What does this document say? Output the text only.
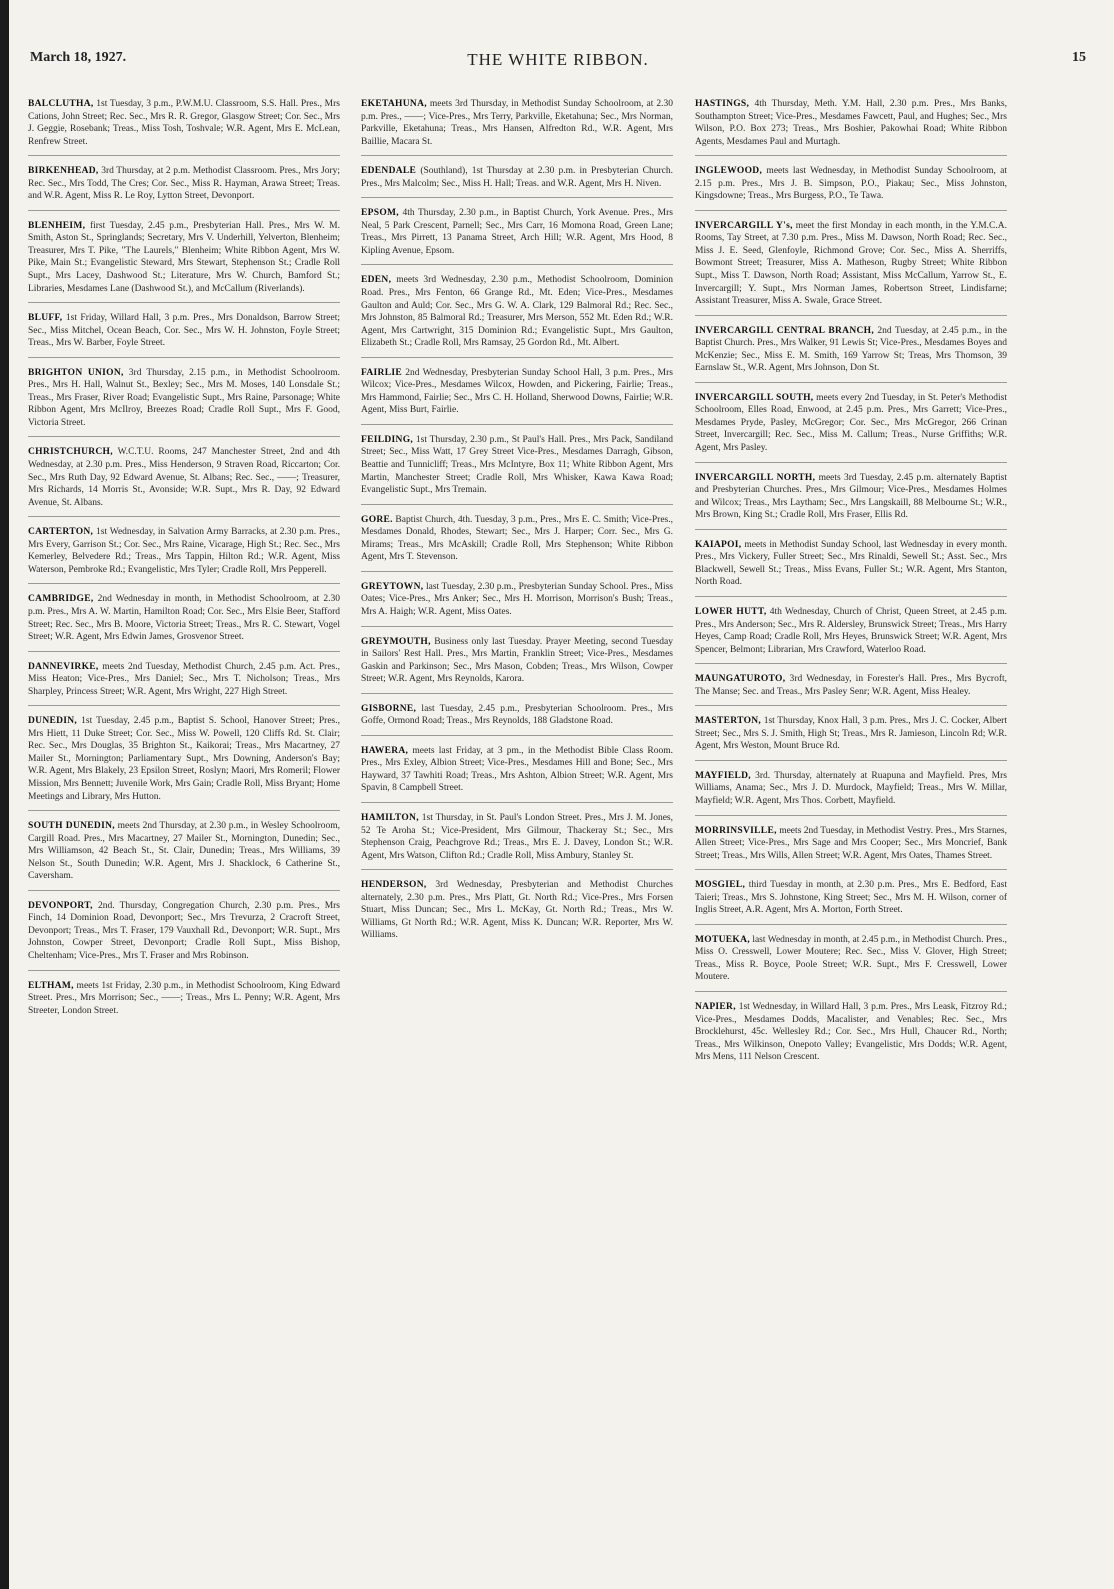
March 18, 1927.	THE WHITE RIBBON.	15
BALCLUTHA, 1st Tuesday, 3 p.m., P.W.M.U. Classroom, S.S. Hall. Pres., Mrs Cations, John Street; Rec. Sec., Mrs R. R. Gregor, Glasgow Street; Cor. Sec., Mrs J. Geggie, Rosebank; Treas., Miss Tosh, Toshvale; W.R. Agent, Mrs E. McLean, Renfrew Street.
BIRKENHEAD, 3rd Thursday, at 2 p.m. Methodist Classroom. Pres., Mrs Jory; Rec. Sec., Mrs Todd, The Cres; Cor. Sec., Miss R. Hayman, Arawa Street; Treas. and W.R. Agent, Miss R. Le Roy, Lytton Street, Devonport.
BLENHEIM, first Tuesday, 2.45 p.m., Presbyterian Hall. Pres., Mrs W. M. Smith, Aston St., Springlands; Secretary, Mrs V. Underhill, Yelverton, Blenheim; Treasurer, Mrs T. Pike, "The Laurels," Blenheim; White Ribbon Agent, Mrs W. Pike, Main St.; Evangelistic Steward, Mrs Stewart, Stephenson St.; Cradle Roll Supt., Mrs Lacey, Dashwood St.; Literature, Mrs W. Church, Bamford St.; Libraries, Mesdames Lane (Dashwood St.), and McCallum (Riverlands).
BLUFF, 1st Friday, Willard Hall, 3 p.m. Pres., Mrs Donaldson, Barrow Street; Sec., Miss Mitchel, Ocean Beach, Cor. Sec., Mrs W. H. Johnston, Foyle Street; Treas., Mrs W. Barber, Foyle Street.
BRIGHTON UNION, 3rd Thursday, 2.15 p.m., in Methodist Schoolroom. Pres., Mrs H. Hall, Walnut St., Bexley; Sec., Mrs M. Moses, 140 Lonsdale St.; Treas., Mrs Fraser, River Road; Evangelistic Supt., Mrs Raine, Parsonage; White Ribbon Agent, Mrs McIlroy, Breezes Road; Cradle Roll Supt., Mrs F. Good, Victoria Street.
CHRISTCHURCH, W.C.T.U. Rooms, 247 Manchester Street, 2nd and 4th Wednesday, at 2.30 p.m. Pres., Miss Henderson, 9 Straven Road, Riccarton; Cor. Sec., Mrs Ruth Day, 92 Edward Avenue, St. Albans; Rec. Sec., ——; Treasurer, Mrs Richards, 14 Morris St., Avonside; W.R. Supt., Mrs R. Day, 92 Edward Avenue, St. Albans.
CARTERTON, 1st Wednesday, in Salvation Army Barracks, at 2.30 p.m. Pres., Mrs Every, Garrison St.; Cor. Sec., Mrs Raine, Vicarage, High St.; Rec. Sec., Mrs Kemerley, Belvedere Rd.; Treas., Mrs Tappin, Hilton Rd.; W.R. Agent, Miss Waterson, Pembroke Rd.; Evangelistic, Mrs Tyler; Cradle Roll, Mrs Pepperell.
CAMBRIDGE, 2nd Wednesday in month, in Methodist Schoolroom, at 2.30 p.m. Pres., Mrs A. W. Martin, Hamilton Road; Cor. Sec., Mrs Elsie Beer, Stafford Street; Rec. Sec., Mrs B. Moore, Victoria Street; Treas., Mrs R. C. Stewart, Vogel Street; W.R. Agent, Mrs Edwin James, Grosvenor Street.
DANNEVIRKE, meets 2nd Tuesday, Methodist Church, 2.45 p.m. Act. Pres., Miss Heaton; Vice-Pres., Mrs Daniel; Sec., Mrs T. Nicholson; Treas., Mrs Sharpley, Princess Street; W.R. Agent, Mrs Wright, 227 High Street.
DUNEDIN, 1st Tuesday, 2.45 p.m., Baptist S. School, Hanover Street; Pres., Mrs Hiett, 11 Duke Street; Cor. Sec., Miss W. Powell, 120 Cliffs Rd. St. Clair; Rec. Sec., Mrs Douglas, 35 Brighton St., Kaikorai; Treas., Mrs Macartney, 27 Mailer St., Mornington; Parliamentary Supt., Mrs Downing, Anderson's Bay; W.R. Agent, Mrs Blakely, 23 Epsilon Street, Roslyn; Maori, Mrs Romeril; Flower Mission, Mrs Bennett; Juvenile Work, Mrs Gain; Cradle Roll, Miss Bryant; Home Meetings and Library, Mrs Hutton.
SOUTH DUNEDIN, meets 2nd Thursday, at 2.30 p.m., in Wesley Schoolroom, Cargill Road. Pres., Mrs Macartney, 27 Mailer St., Mornington, Dunedin; Sec., Mrs Williamson, 42 Beach St., St. Clair, Dunedin; Treas., Mrs Williams, 39 Nelson St., South Dunedin; W.R. Agent, Mrs J. Shacklock, 6 Catherine St., Caversham.
DEVONPORT, 2nd. Thursday, Congregation Church, 2.30 p.m. Pres., Mrs Finch, 14 Dominion Road, Devonport; Sec., Mrs Trevurza, 2 Cracroft Street, Devonport; Treas., Mrs T. Fraser, 179 Vauxhall Rd., Devonport; W.R. Supt., Mrs Johnston, Cowper Street, Devonport; Cradle Roll Supt., Miss Bishop, Cheltenham; Vice-Pres., Mrs T. Fraser and Mrs Robinson.
ELTHAM, meets 1st Friday, 2.30 p.m., in Methodist Schoolroom, King Edward Street. Pres., Mrs Morrison; Sec., ——; Treas., Mrs L. Penny; W.R. Agent, Mrs Streeter, London Street.
EKETAHUNA, meets 3rd Thursday, in Methodist Sunday Schoolroom, at 2.30 p.m. Pres., ——; Vice-Pres., Mrs Terry, Parkville, Eketahuna; Sec., Mrs Norman, Parkville, Eketahuna; Treas., Mrs Hansen, Alfredton Rd., W.R. Agent, Mrs Baillie, Macara St.
EDENDALE (Southland), 1st Thursday at 2.30 p.m. in Presbyterian Church. Pres., Mrs Malcolm; Sec., Miss H. Hall; Treas. and W.R. Agent, Mrs H. Niven.
EPSOM, 4th Thursday, 2.30 p.m., in Baptist Church, York Avenue. Pres., Mrs Neal, 5 Park Crescent, Parnell; Sec., Mrs Carr, 16 Momona Road, Green Lane; Treas., Mrs Pirrett, 13 Panama Street, Arch Hill; W.R. Agent, Mrs Hood, 8 Kipling Avenue, Epsom.
EDEN, meets 3rd Wednesday, 2.30 p.m., Methodist Schoolroom, Dominion Road. Pres., Mrs Fenton, 66 Grange Rd., Mt. Eden; Vice-Pres., Mesdames Gaulton and Auld; Cor. Sec., Mrs G. W. A. Clark, 129 Balmoral Rd.; Rec. Sec., Mrs Johnston, 85 Balmoral Rd.; Treasurer, Mrs Merson, 552 Mt. Eden Rd.; W.R. Agent, Mrs Cartwright, 315 Dominion Rd.; Evangelistic Supt., Mrs Gaulton, Elizabeth St.; Cradle Roll, Mrs Ramsay, 25 Gordon Rd., Mt. Albert.
FAIRLIE 2nd Wednesday, Presbyterian Sunday School Hall, 3 p.m. Pres., Mrs Wilcox; Vice-Pres., Mesdames Wilcox, Howden, and Pickering, Fairlie; Treas., Mrs Hammond, Fairlie; Sec., Mrs C. H. Holland, Sherwood Downs, Fairlie; W.R. Agent, Miss Burt, Fairlie.
FEILDING, 1st Thursday, 2.30 p.m., St Paul's Hall. Pres., Mrs Pack, Sandiland Street; Sec., Miss Watt, 17 Grey Street Vice-Pres., Mesdames Darragh, Gibson, Beattie and Tunnicliff; Treas., Mrs McIntyre, Box 11; White Ribbon Agent, Mrs Martin, Manchester Street; Cradle Roll, Mrs Whisker, Kawa Kawa Road; Evangelistic Supt., Mrs Tremain.
GORE. Baptist Church, 4th. Tuesday, 3 p.m., Pres., Mrs E. C. Smith; Vice-Pres., Mesdames Donald, Rhodes, Stewart; Sec., Mrs J. Harper; Corr. Sec., Mrs G. Mirams; Treas., Mrs McAskill; Cradle Roll, Mrs Stephenson; White Ribbon Agent, Mrs T. Stevenson.
GREYTOWN, last Tuesday, 2.30 p.m., Presbyterian Sunday School. Pres., Miss Oates; Vice-Pres., Mrs Anker; Sec., Mrs H. Morrison, Morrison's Bush; Treas., Mrs A. Haigh; W.R. Agent, Miss Oates.
GREYMOUTH, Business only last Tuesday. Prayer Meeting, second Tuesday in Sailors' Rest Hall. Pres., Mrs Martin, Franklin Street; Vice-Pres., Mesdames Gaskin and Parkinson; Sec., Mrs Mason, Cobden; Treas., Mrs Wilson, Cowper Street; W.R. Agent, Mrs Reynolds, Karora.
GISBORNE, last Tuesday, 2.45 p.m., Presbyterian Schoolroom. Pres., Mrs Goffe, Ormond Road; Treas., Mrs Reynolds, 188 Gladstone Road.
HAWERA, meets last Friday, at 3 pm., in the Methodist Bible Class Room. Pres., Mrs Exley, Albion Street; Vice-Pres., Mesdames Hill and Bone; Sec., Mrs Hayward, 37 Tawhiti Road; Treas., Mrs Ashton, Albion Street; W.R. Agent, Mrs Spavin, 8 Campbell Street.
HAMILTON, 1st Thursday, in St. Paul's London Street. Pres., Mrs J. M. Jones, 52 Te Aroha St.; Vice-President, Mrs Gilmour, Thackeray St.; Sec., Mrs Stephenson Craig, Peachgrove Rd.; Treas., Mrs E. J. Davey, London St.; W.R. Agent, Mrs Watson, Clifton Rd.; Cradle Roll, Miss Ambury, Stanley St.
HENDERSON, 3rd Wednesday, Presbyterian and Methodist Churches alternately, 2.30 p.m. Pres., Mrs Platt, Gt. North Rd.; Vice-Pres., Mrs Forsen Stuart, Miss Duncan; Sec., Mrs L. McKay, Gt. North Rd.; Treas., Mrs W. Williams, Gt North Rd.; W.R. Agent, Miss K. Duncan; W.R. Reporter, Mrs W. Williams.
HASTINGS, 4th Thursday, Meth. Y.M. Hall, 2.30 p.m. Pres., Mrs Banks, Southampton Street; Vice-Pres., Mesdames Fawcett, Paul, and Hughes; Sec., Mrs Wilson, P.O. Box 273; Treas., Mrs Boshier, Pakowhai Road; White Ribbon Agents, Mesdames Paul and Murtagh.
INGLEWOOD, meets last Wednesday, in Methodist Sunday Schoolroom, at 2.15 p.m. Pres., Mrs J. B. Simpson, P.O., Piakau; Sec., Miss Johnston, Kingsdowne; Treas., Mrs Burgess, P.O., Te Tawa.
INVERCARGILL Y's, meet the first Monday in each month, in the Y.M.C.A. Rooms, Tay Street, at 7.30 p.m. Pres., Miss M. Dawson, North Road; Rec. Sec., Miss J. E. Seed, Glenfoyle, Richmond Grove; Cor. Sec., Miss A. Sherriffs, Bowmont Street; Treasurer, Miss A. Matheson, Rugby Street; White Ribbon Supt., Miss T. Dawson, North Road; Assistant, Miss McCallum, Yarrow St., E. Invercargill; Y. Supt., Mrs Norman James, Robertson Street, Lindisfarne; Assistant Treasurer, Miss A. Swale, Grace Street.
INVERCARGILL CENTRAL BRANCH, 2nd Tuesday, at 2.45 p.m., in the Baptist Church. Pres., Mrs Walker, 91 Lewis St; Vice-Pres., Mesdames Boyes and McKenzie; Sec., Miss E. M. Smith, 169 Yarrow St; Treas, Mrs Thomson, 39 Earnslaw St., W.R. Agent, Mrs Johnson, Don St.
INVERCARGILL SOUTH, meets every 2nd Tuesday, in St. Peter's Methodist Schoolroom, Elles Road, Enwood, at 2.45 p.m. Pres., Mrs Garrett; Vice-Pres., Mesdames Pryde, Pasley, McGregor; Cor. Sec., Mrs McGregor, 266 Crinan Street, Invercargill; Rec. Sec., Miss M. Callum; Treas., Nurse Griffiths; W.R. Agent, Mrs Pasley.
INVERCARGILL NORTH, meets 3rd Tuesday, 2.45 p.m. alternately Baptist and Presbyterian Churches. Pres., Mrs Gilmour; Vice-Pres., Mesdames Holmes and Wilcox; Treas., Mrs Laytham; Sec., Mrs Langskaill, 88 Melbourne St.; W.R., Mrs Brown, King St.; Cradle Roll, Mrs Fraser, Ellis Rd.
KAIAPOI, meets in Methodist Sunday School, last Wednesday in every month. Pres., Mrs Vickery, Fuller Street; Sec., Mrs Rinaldi, Sewell St.; Asst. Sec., Mrs Blackwell, Sewell St.; Treas., Miss Evans, Fuller St.; W.R. Agent, Mrs Stanton, North Road.
LOWER HUTT, 4th Wednesday, Church of Christ, Queen Street, at 2.45 p.m. Pres., Mrs Anderson; Sec., Mrs R. Aldersley, Brunswick Street; Treas., Mrs Harry Heyes, Camp Road; Cradle Roll, Mrs Heyes, Brunswick Street; W.R. Agent, Mrs Spencer, Belmont; Librarian, Mrs Crawford, Waterloo Road.
MAUNGATUROTO, 3rd Wednesday, in Forester's Hall. Pres., Mrs Bycroft, The Manse; Sec. and Treas., Mrs Pasley Senr; W.R. Agent, Miss Healey.
MASTERTON, 1st Thursday, Knox Hall, 3 p.m. Pres., Mrs J. C. Cocker, Albert Street; Sec., Mrs S. J. Smith, High St; Treas., Mrs R. Jamieson, Lincoln Rd; W.R. Agent, Mrs Weston, Mount Bruce Rd.
MAYFIELD, 3rd. Thursday, alternately at Ruapuna and Mayfield. Pres, Mrs Williams, Anama; Sec., Mrs J. D. Murdock, Mayfield; Treas., Mrs W. Millar, Mayfield; W.R. Agent, Mrs Thos. Corbett, Mayfield.
MORRINSVILLE, meets 2nd Tuesday, in Methodist Vestry. Pres., Mrs Starnes, Allen Street; Vice-Pres., Mrs Sage and Mrs Cooper; Sec., Mrs Moncrief, Bank Street; Treas., Mrs Wills, Allen Street; W.R. Agent, Mrs Oates, Thames Street.
MOSGIEL, third Tuesday in month, at 2.30 p.m. Pres., Mrs E. Bedford, East Taieri; Treas., Mrs S. Johnstone, King Street; Sec., Mrs M. H. Wilson, corner of Inglis Street, A.R. Agent, Mrs A. Morton, Forth Street.
MOTUEKA, last Wednesday in month, at 2.45 p.m., in Methodist Church. Pres., Miss O. Cresswell, Lower Moutere; Rec. Sec., Miss V. Glover, High Street; Treas., Miss R. Boyce, Poole Street; W.R. Supt., Mrs F. Cresswell, Lower Moutere.
NAPIER, 1st Wednesday, in Willard Hall, 3 p.m. Pres., Mrs Leask, Fitzroy Rd.; Vice-Pres., Mesdames Dodds, Macalister, and Venables; Rec. Sec., Mrs Brocklehurst, 45c. Wellesley Rd.; Cor. Sec., Mrs Hull, Chaucer Rd., North; Treas., Mrs Wilkinson, Onepoto Valley; Evangelistic, Mrs Dodds; W.R. Agent, Mrs Mens, 111 Nelson Crescent.
